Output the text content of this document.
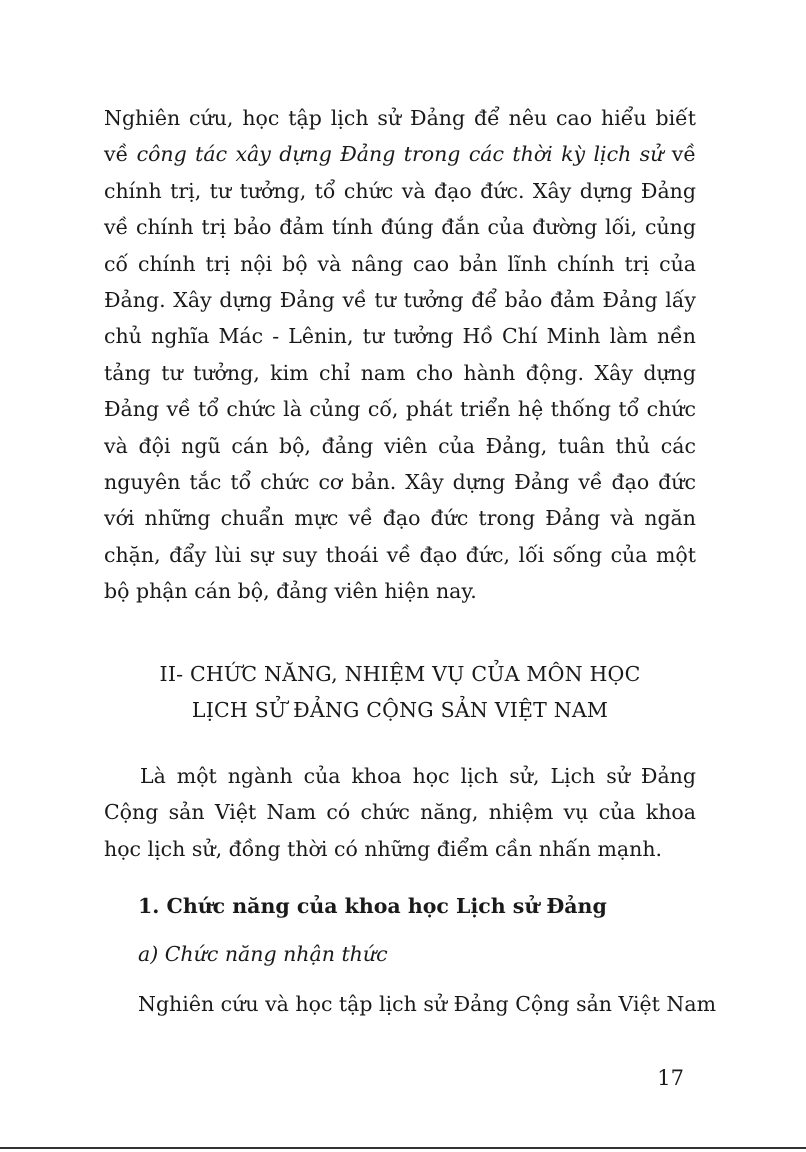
Nghiên cứu, học tập lịch sử Đảng để nêu cao hiểu biết về công tác xây dựng Đảng trong các thời kỳ lịch sử về chính trị, tư tưởng, tổ chức và đạo đức. Xây dựng Đảng về chính trị bảo đảm tính đúng đắn của đường lối, củng cố chính trị nội bộ và nâng cao bản lĩnh chính trị của Đảng. Xây dựng Đảng về tư tưởng để bảo đảm Đảng lấy chủ nghĩa Mác - Lênin, tư tưởng Hồ Chí Minh làm nền tảng tư tưởng, kim chỉ nam cho hành động. Xây dựng Đảng về tổ chức là củng cố, phát triển hệ thống tổ chức và đội ngũ cán bộ, đảng viên của Đảng, tuân thủ các nguyên tắc tổ chức cơ bản. Xây dựng Đảng về đạo đức với những chuẩn mực về đạo đức trong Đảng và ngăn chặn, đẩy lùi sự suy thoái về đạo đức, lối sống của một bộ phận cán bộ, đảng viên hiện nay.

II- CHỨC NĂNG, NHIỆM VỤ CỦA MÔN HỌC

LỊCH SỬ ĐẢNG CỘNG SẢN VIỆT NAM

Là một ngành của khoa học lịch sử, Lịch sử Đảng Cộng sản Việt Nam có chức năng, nhiệm vụ của khoa học lịch sử, đồng thời có những điểm cần nhấn mạnh.

1. Chức năng của khoa học Lịch sử Đảng

a) Chức năng nhận thức

Nghiên cứu và học tập lịch sử Đảng Cộng sản Việt Nam

17
